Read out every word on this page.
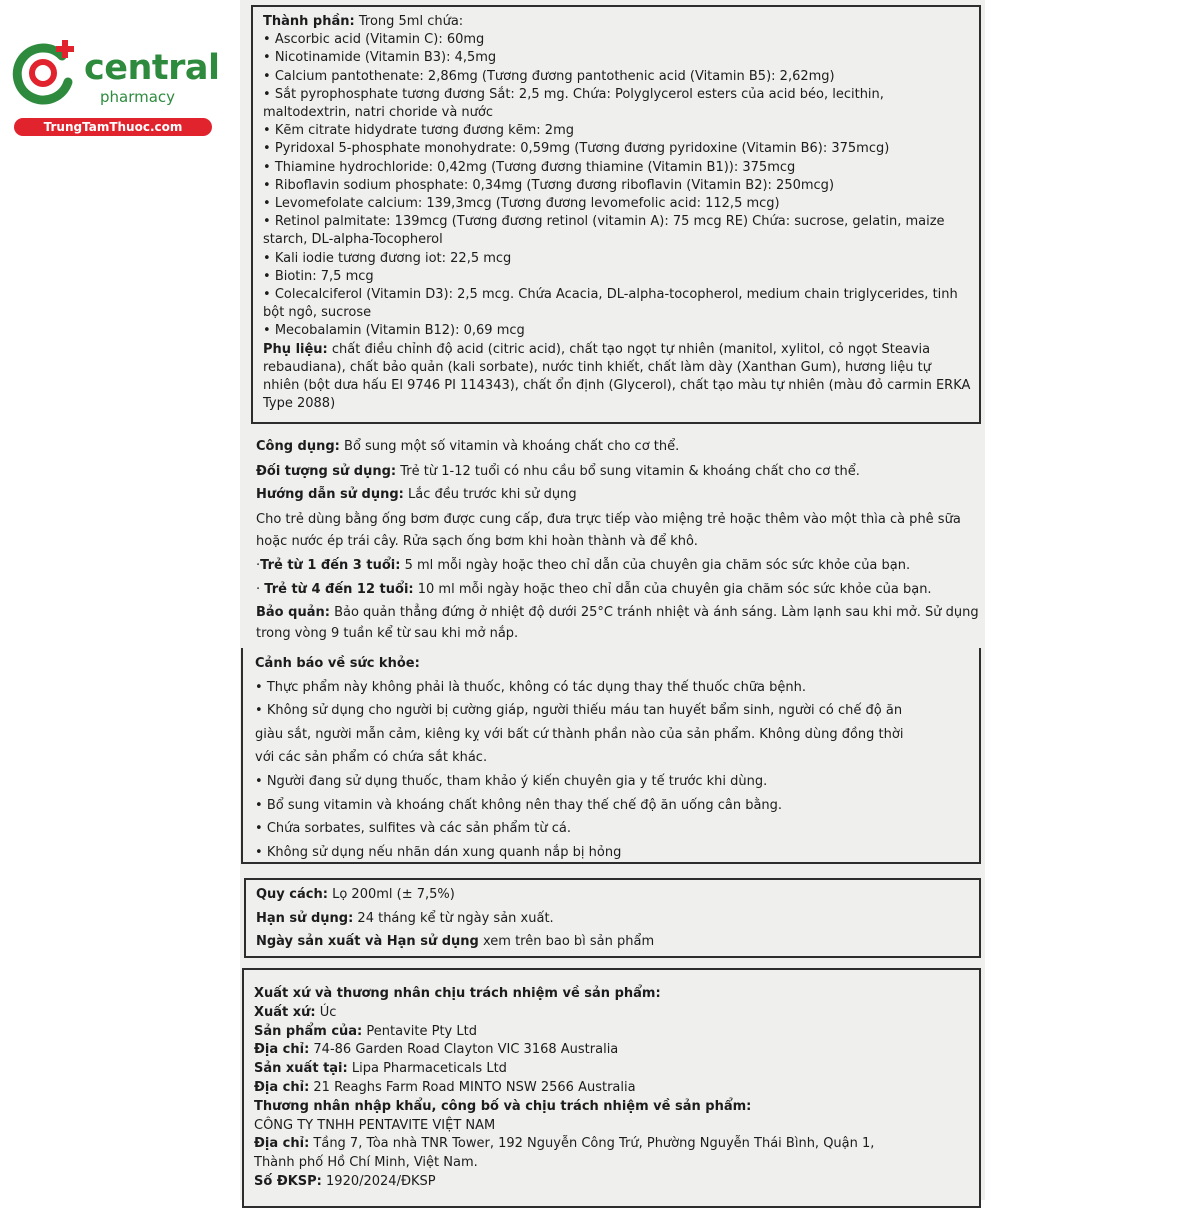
central
pharmacy
TrungTamThuoc.com
Thành phần: Trong 5ml chứa:
• Ascorbic acid (Vitamin C): 60mg
• Nicotinamide (Vitamin B3): 4,5mg
• Calcium pantothenate: 2,86mg (Tương đương pantothenic acid (Vitamin B5): 2,62mg)
• Sắt pyrophosphate tương đương Sắt: 2,5 mg. Chứa: Polyglycerol esters của acid béo, lecithin, maltodextrin, natri choride và nước
• Kẽm citrate hidydrate tương đương kẽm: 2mg
• Pyridoxal 5-phosphate monohydrate: 0,59mg (Tương đương pyridoxine (Vitamin B6): 375mcg)
• Thiamine hydrochloride: 0,42mg (Tương đương thiamine (Vitamin B1)): 375mcg
• Riboflavin sodium phosphate: 0,34mg (Tương đương riboflavin (Vitamin B2): 250mcg)
• Levomefolate calcium: 139,3mcg (Tương đương levomefolic acid: 112,5 mcg)
• Retinol palmitate: 139mcg (Tương đương retinol (vitamin A): 75 mcg RE) Chứa: sucrose, gelatin, maize starch, DL-alpha-Tocopherol
• Kali iodie tương đương iot: 22,5 mcg
• Biotin: 7,5 mcg
• Colecalciferol (Vitamin D3): 2,5 mcg. Chứa Acacia, DL-alpha-tocopherol, medium chain triglycerides, tinh bột ngô, sucrose
• Mecobalamin (Vitamin B12): 0,69 mcg
Phụ liệu: chất điều chỉnh độ acid (citric acid), chất tạo ngọt tự nhiên (manitol, xylitol, cỏ ngọt Steavia rebaudiana), chất bảo quản (kali sorbate), nước tinh khiết, chất làm dày (Xanthan Gum), hương liệu tự nhiên (bột dưa hấu El 9746 PI 114343), chất ổn định (Glycerol), chất tạo màu tự nhiên (màu đỏ carmin ERKA Type 2088)
Công dụng: Bổ sung một số vitamin và khoáng chất cho cơ thể.
Đối tượng sử dụng: Trẻ từ 1-12 tuổi có nhu cầu bổ sung vitamin & khoáng chất cho cơ thể.
Hướng dẫn sử dụng: Lắc đều trước khi sử dụng
Cho trẻ dùng bằng ống bơm được cung cấp, đưa trực tiếp vào miệng trẻ hoặc thêm vào một thìa cà phê sữa
hoặc nước ép trái cây. Rửa sạch ống bơm khi hoàn thành và để khô.
·Trẻ từ 1 đến 3 tuổi: 5 ml mỗi ngày hoặc theo chỉ dẫn của chuyên gia chăm sóc sức khỏe của bạn.
· Trẻ từ 4 đến 12 tuổi: 10 ml mỗi ngày hoặc theo chỉ dẫn của chuyên gia chăm sóc sức khỏe của bạn.
Bảo quản: Bảo quản thẳng đứng ở nhiệt độ dưới 25°C tránh nhiệt và ánh sáng. Làm lạnh sau khi mở. Sử dụng
trong vòng 9 tuần kể từ sau khi mở nắp.
Cảnh báo về sức khỏe:
• Thực phẩm này không phải là thuốc, không có tác dụng thay thế thuốc chữa bệnh.
• Không sử dụng cho người bị cường giáp, người thiếu máu tan huyết bẩm sinh, người có chế độ ăn
giàu sắt, người mẫn cảm, kiêng kỵ với bất cứ thành phần nào của sản phẩm. Không dùng đồng thời
với các sản phẩm có chứa sắt khác.
• Người đang sử dụng thuốc, tham khảo ý kiến chuyên gia y tế trước khi dùng.
• Bổ sung vitamin và khoáng chất không nên thay thế chế độ ăn uống cân bằng.
• Chứa sorbates, sulfites và các sản phẩm từ cá.
• Không sử dụng nếu nhãn dán xung quanh nắp bị hỏng
Quy cách: Lọ 200ml (± 7,5%)
Hạn sử dụng: 24 tháng kể từ ngày sản xuất.
Ngày sản xuất và Hạn sử dụng xem trên bao bì sản phẩm
Xuất xứ và thương nhân chịu trách nhiệm về sản phẩm:
Xuất xứ: Úc
Sản phẩm của: Pentavite Pty Ltd
Địa chỉ: 74-86 Garden Road Clayton VIC 3168 Australia
Sản xuất tại: Lipa Pharmaceticals Ltd
Địa chỉ: 21 Reaghs Farm Road MINTO NSW 2566 Australia
Thương nhân nhập khẩu, công bố và chịu trách nhiệm về sản phẩm:
CÔNG TY TNHH PENTAVITE VIỆT NAM
Địa chỉ: Tầng 7, Tòa nhà TNR Tower, 192 Nguyễn Công Trứ, Phường Nguyễn Thái Bình, Quận 1,
Thành phố Hồ Chí Minh, Việt Nam.
Số ĐKSP: 1920/2024/ĐKSP
